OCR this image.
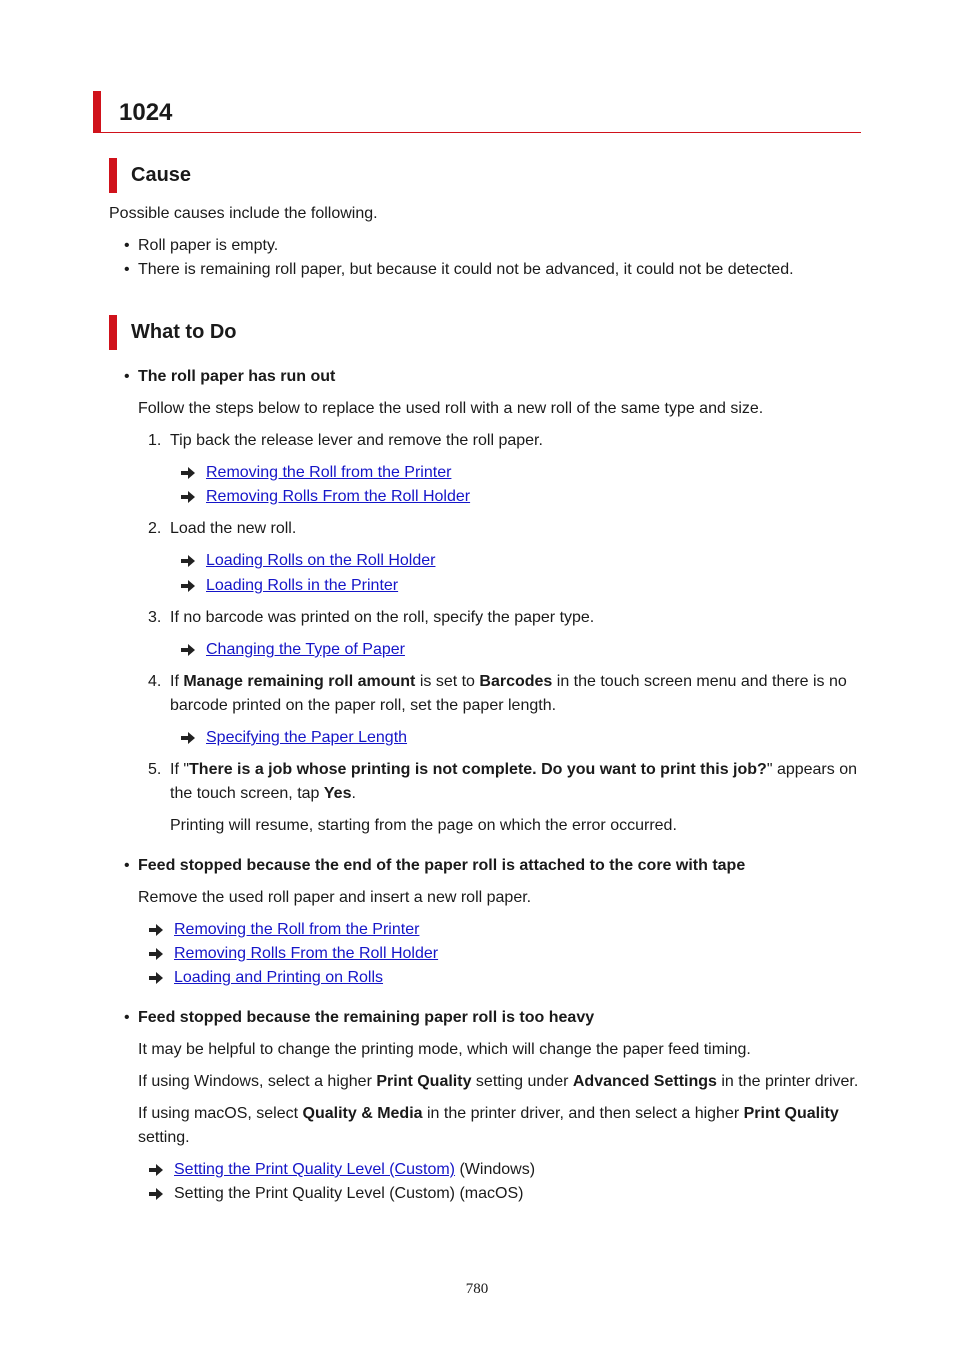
1024
Cause
Possible causes include the following.
• Roll paper is empty.
• There is remaining roll paper, but because it could not be advanced, it could not be detected.
What to Do
• The roll paper has run out
Follow the steps below to replace the used roll with a new roll of the same type and size.
1. Tip back the release lever and remove the roll paper.
Removing the Roll from the Printer
Removing Rolls From the Roll Holder
2. Load the new roll.
Loading Rolls on the Roll Holder
Loading Rolls in the Printer
3. If no barcode was printed on the roll, specify the paper type.
Changing the Type of Paper
4. If Manage remaining roll amount is set to Barcodes in the touch screen menu and there is no
barcode printed on the paper roll, set the paper length.
Specifying the Paper Length
5. If "There is a job whose printing is not complete. Do you want to print this job?" appears on
the touch screen, tap Yes.
Printing will resume, starting from the page on which the error occurred.
• Feed stopped because the end of the paper roll is attached to the core with tape
Remove the used roll paper and insert a new roll paper.
Removing the Roll from the Printer
Removing Rolls From the Roll Holder
Loading and Printing on Rolls
• Feed stopped because the remaining paper roll is too heavy
It may be helpful to change the printing mode, which will change the paper feed timing.
If using Windows, select a higher Print Quality setting under Advanced Settings in the printer driver.
If using macOS, select Quality & Media in the printer driver, and then select a higher Print Quality
setting.
Setting the Print Quality Level (Custom) (Windows)
Setting the Print Quality Level (Custom) (macOS)
780
